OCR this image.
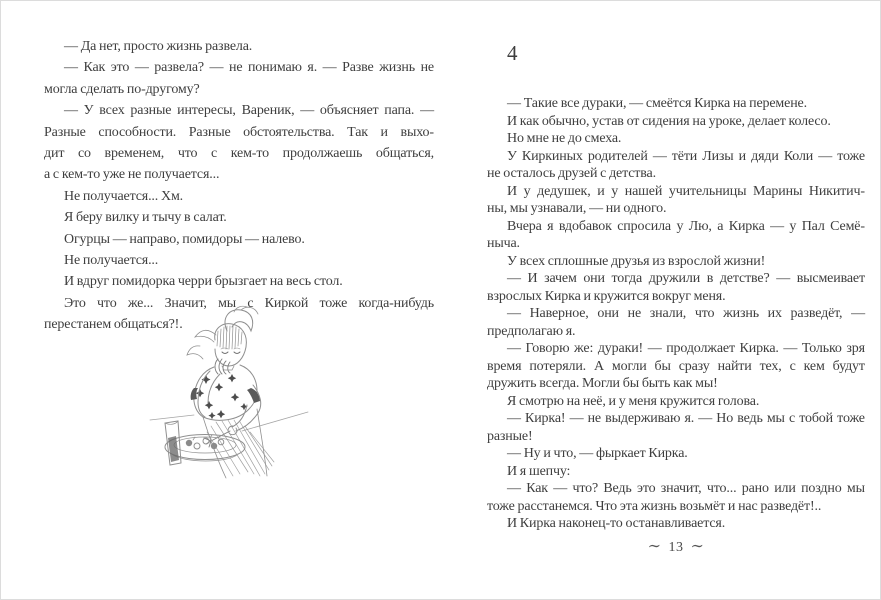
— Да нет, просто жизнь развела.
— Как это — развела? — не понимаю я. — Разве жизнь не
могла сделать по-другому?
— У всех разные интересы, Вареник, — объясняет папа. —
Разные способности. Разные обстоятельства. Так и выхо-
дит со временем, что с кем-то продолжаешь общаться,
а с кем-то уже не получается...
Не получается... Хм.
Я беру вилку и тычу в салат.
Огурцы — направо, помидоры — налево.
Не получается...
И вдруг помидорка черри брызгает на весь стол.
Это что же... Значит, мы с Киркой тоже когда-нибудь
перестанем общаться?!.
4
— Такие все дураки, — смеётся Кирка на перемене.
И как обычно, устав от сидения на уроке, делает колесо.
Но мне не до смеха.
У Киркиных родителей — тёти Лизы и дяди Коли — тоже
не осталось друзей с детства.
И у дедушек, и у нашей учительницы Марины Никитич-
ны, мы узнавали, — ни одного.
Вчера я вдобавок спросила у Лю, а Кирка — у Пал Семё-
ныча.
У всех сплошные друзья из взрослой жизни!
— И зачем они тогда дружили в детстве? — высмеивает
взрослых Кирка и кружится вокруг меня.
— Наверное, они не знали, что жизнь их разведёт, —
предполагаю я.
— Говорю же: дураки! — продолжает Кирка. — Только зря
время потеряли. А могли бы сразу найти тех, с кем будут
дружить всегда. Могли бы быть как мы!
Я смотрю на неё, и у меня кружится голова.
— Кирка! — не выдерживаю я. — Но ведь мы с тобой тоже
разные!
— Ну и что, — фыркает Кирка.
И я шепчу:
— Как — что? Ведь это значит, что... рано или поздно мы
тоже расстанемся. Что эта жизнь возьмёт и нас разведёт!..
И Кирка наконец-то останавливается.
∼ 13 ∼
